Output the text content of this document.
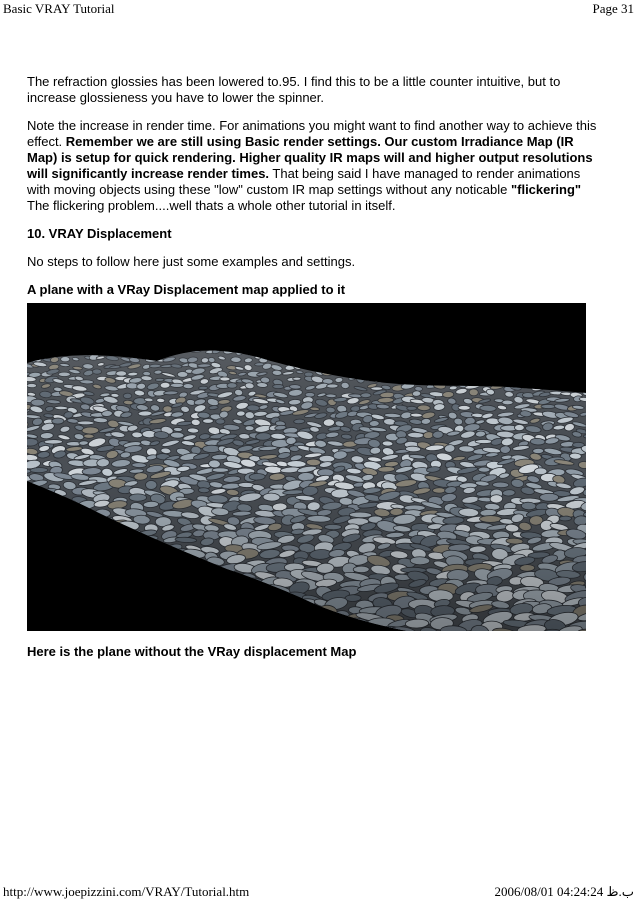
Basic VRAY Tutorial	Page 31

The refraction glossies has been lowered to.95. I find this to be a little counter intuitive, but to increase glossieness you have to lower the spinner.

Note the increase in render time. For animations you might want to find another way to achieve this effect. Remember we are still using Basic render settings. Our custom Irradiance Map (IR Map) is setup for quick rendering. Higher quality IR maps will and higher output resolutions will significantly increase render times. That being said I have managed to render animations with moving objects using these "low" custom IR map settings without any noticable "flickering" The flickering problem....well thats a whole other tutorial in itself.

10. VRAY Displacement

No steps to follow here just some examples and settings.

A plane with a VRay Displacement map applied to it

Here is the plane without the VRay displacement Map
http://www.joepizzini.com/VRAY/Tutorial.htm	2006/08/01 04:24:24 ب.ظ
